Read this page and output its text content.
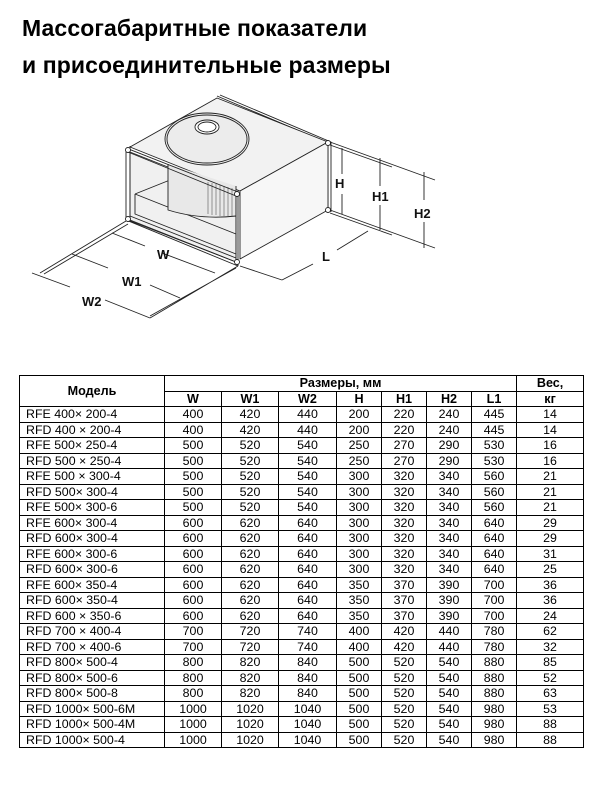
Массогабаритные показатели
и присоединительные размеры
W
W1
W2
H
H1
H2
L
Модель	Размеры, мм							Вес,
	W	W1	W2	H	H1	H2	L1	кг
RFE 400× 200-4	400	420	440	200	220	240	445	14
RFD 400 × 200-4	400	420	440	200	220	240	445	14
RFE 500× 250-4	500	520	540	250	270	290	530	16
RFD 500 × 250-4	500	520	540	250	270	290	530	16
RFE 500 × 300-4	500	520	540	300	320	340	560	21
RFD 500× 300-4	500	520	540	300	320	340	560	21
RFE 500× 300-6	500	520	540	300	320	340	560	21
RFE 600× 300-4	600	620	640	300	320	340	640	29
RFD 600× 300-4	600	620	640	300	320	340	640	29
RFE 600× 300-6	600	620	640	300	320	340	640	31
RFD 600× 300-6	600	620	640	300	320	340	640	25
RFE 600× 350-4	600	620	640	350	370	390	700	36
RFD 600× 350-4	600	620	640	350	370	390	700	36
RFD 600 × 350-6	600	620	640	350	370	390	700	24
RFD 700 × 400-4	700	720	740	400	420	440	780	62
RFD 700 × 400-6	700	720	740	400	420	440	780	32
RFD 800× 500-4	800	820	840	500	520	540	880	85
RFD 800× 500-6	800	820	840	500	520	540	880	52
RFD 800× 500-8	800	820	840	500	520	540	880	63
RFD 1000× 500-6M	1000	1020	1040	500	520	540	980	53
RFD 1000× 500-4M	1000	1020	1040	500	520	540	980	88
RFD 1000× 500-4	1000	1020	1040	500	520	540	980	88
